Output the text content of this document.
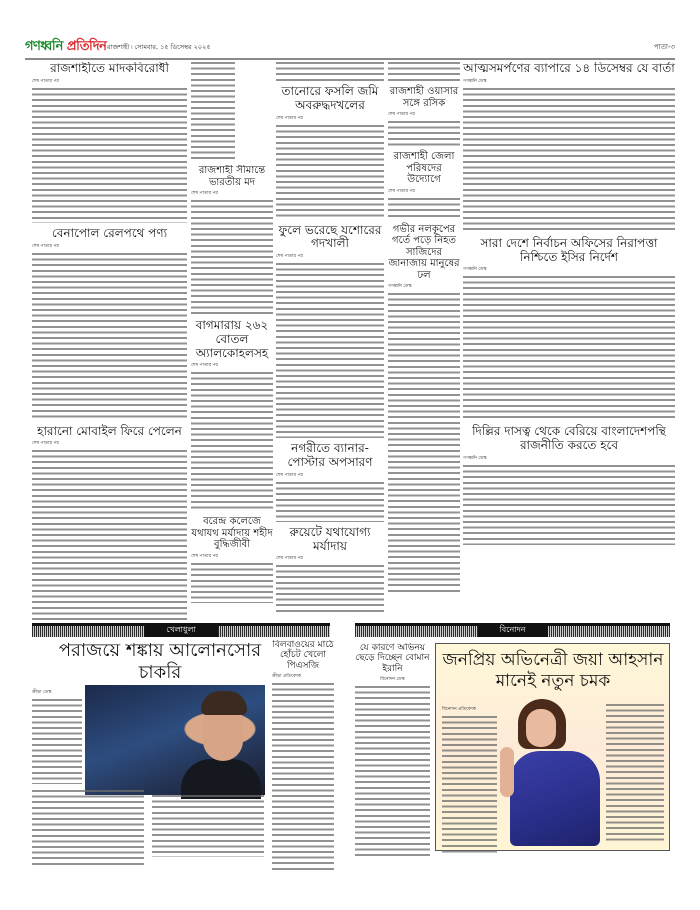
গণধ্বনি প্রতিদিন রাজশাহী ৷ সোমবার, ১৫ ডিসেম্বর ২০২৫	পাতা-৩
রাজশাহীতে মাদকবিরোধী
শেষ পাতার পর
বেনাপোল রেলপথে পণ্য
শেষ পাতার পর
হারানো মোবাইল ফিরে পেলেন
শেষ পাতার পর
রাজশাহী সীমান্তে ভারতীয় মদ
শেষ পাতার পর
বাগমারায় ২৬২ বোতল অ্যালকোহলসহ
শেষ পাতার পর
বরেন্দ্র কলেজে যথাযথ মর্যাদায় শহীদ বুদ্ধিজীবী
শেষ পাতার পর
তানোরে ফসলি জমি অবরুদ্ধদখলের
শেষ পাতার পর
ফুলে ভরেছে যশোরের গদখালী
শেষ পাতার পর
নগরীতে ব্যানার-পোস্টার অপসারণ
শেষ পাতার পর
রুয়েটে যথাযোগ্য মর্যাদায়
শেষ পাতার পর
রাজশাহী ওয়াসার সঙ্গে রসিক
শেষ পাতার পর
রাজশাহী জেলা পরিষদের উদ্যোগে
শেষ পাতার পর
গভীর নলকূপের গর্তে পড়ে নিহত সাজিদের জানাজায় মানুষের ঢল
গণধ্বনি ডেস্ক
আত্মসমর্পণের ব্যাপারে ১৪ ডিসেম্বর যে বার্তা
গণধ্বনি ডেস্ক
সারা দেশে নির্বাচন অফিসের নিরাপত্তা নিশ্চিতে ইসির নির্দেশ
গণধ্বনি ডেস্ক
দিল্লির দাসত্ব থেকে বেরিয়ে বাংলাদেশপন্থি রাজনীতি করতে হবে
গণধ্বনি ডেস্ক
খেলাধুলা
পরাজয়ে শঙ্কায় আলোনসোর চাকরি
ক্রীড়া ডেস্ক
বিলবাওয়ের মাঠে হোঁচট খেলো পিএসজি
ক্রীড়া প্রতিবেদক
বিনোদন
যে কারণে অভিনয় ছেড়ে দিচ্ছেন বোমান ইরানি
বিনোদন ডেস্ক
জনপ্রিয় অভিনেত্রী জয়া আহসান মানেই নতুন চমক
বিনোদন প্রতিবেদক
